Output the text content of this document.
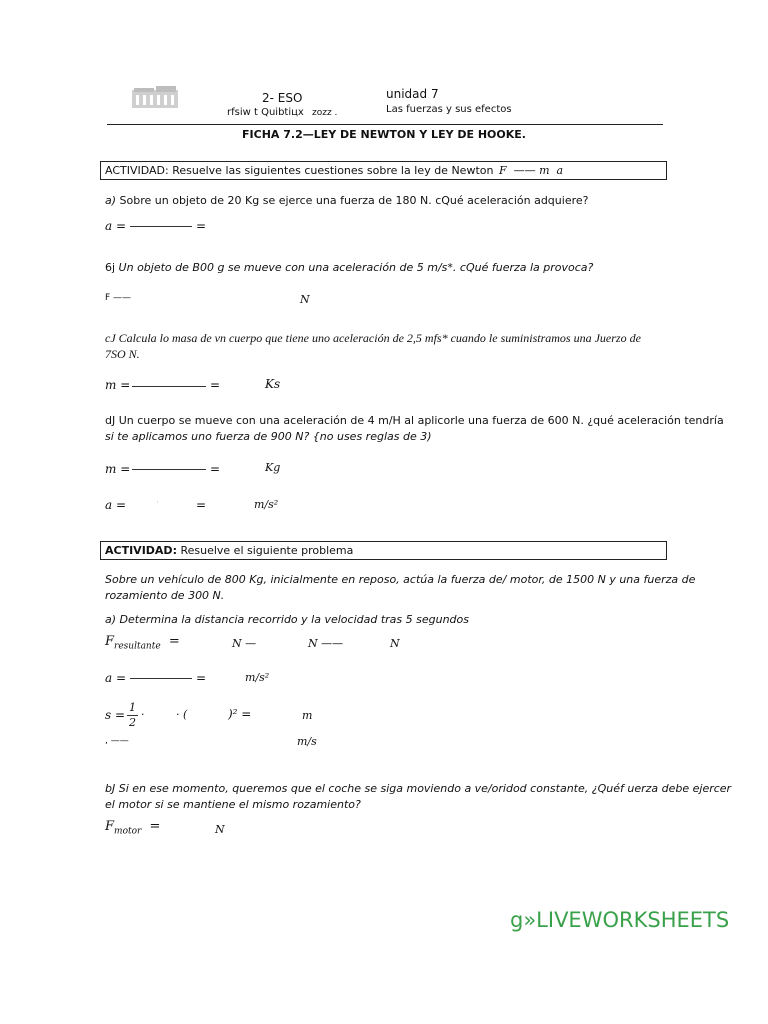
2- ESO
rfsiw t Quibtiцx zozz .
unidad 7
Las fuerzas y sus efectos
FICHA 7.2—LEY DE NEWTON Y LEY DE HOOKE.
ACTIVIDAD: Resuelve las siguientes cuestiones sobre la Iey de Newton F  —— m  a
a) Sobre un objeto de 20 Kg se ejerce una fuerza de 180 N. cQué aceleración adquiere?
a =	=
6j Un objeto de B00 g se mueve con una aceleración de 5 m/s*. cQué fuerza la provoca?
F ——	N
cJ Calcula lo masa de vn cuerpo que tiene uno aceleración de 2,5 mfs* cuando le suministramos una Juerzo de
7SO N.
m =	=	Ks
dJ Un cuerpo se mueve con una aceleración de 4 m/H al aplicorle una fuerza de 600 N. ¿qué aceleración tendría
si te aplicamos uno fuerza de 900 N? {no uses reglas de 3)
m =	=	Kg
a =	·	=	m/s²
ACTIVIDAD: Resuelve el siguiente problema
Sobre un vehículo de 800 Kg, inicialmente en reposo, actúa la fuerza de/ motor, de 1500 N y una fuerza de
rozamiento de 300 N.
a) Determina la distancia recorrido y la velocidad tras 5 segundos
$F_{resultante}$ =	N —	N ——	N
a =	=	m/s²
$s = \frac{1}{2}$ ·	· (	)² =	m
, ——	m/s
bJ Si en ese momento, queremos que el coche se siga moviendo a ve/oridod constante, ¿Quéf uerza debe ejercer
el motor si se mantiene el mismo rozamiento?
$F_{motor}$ =	N
g»LIVEWORKSHEETS
